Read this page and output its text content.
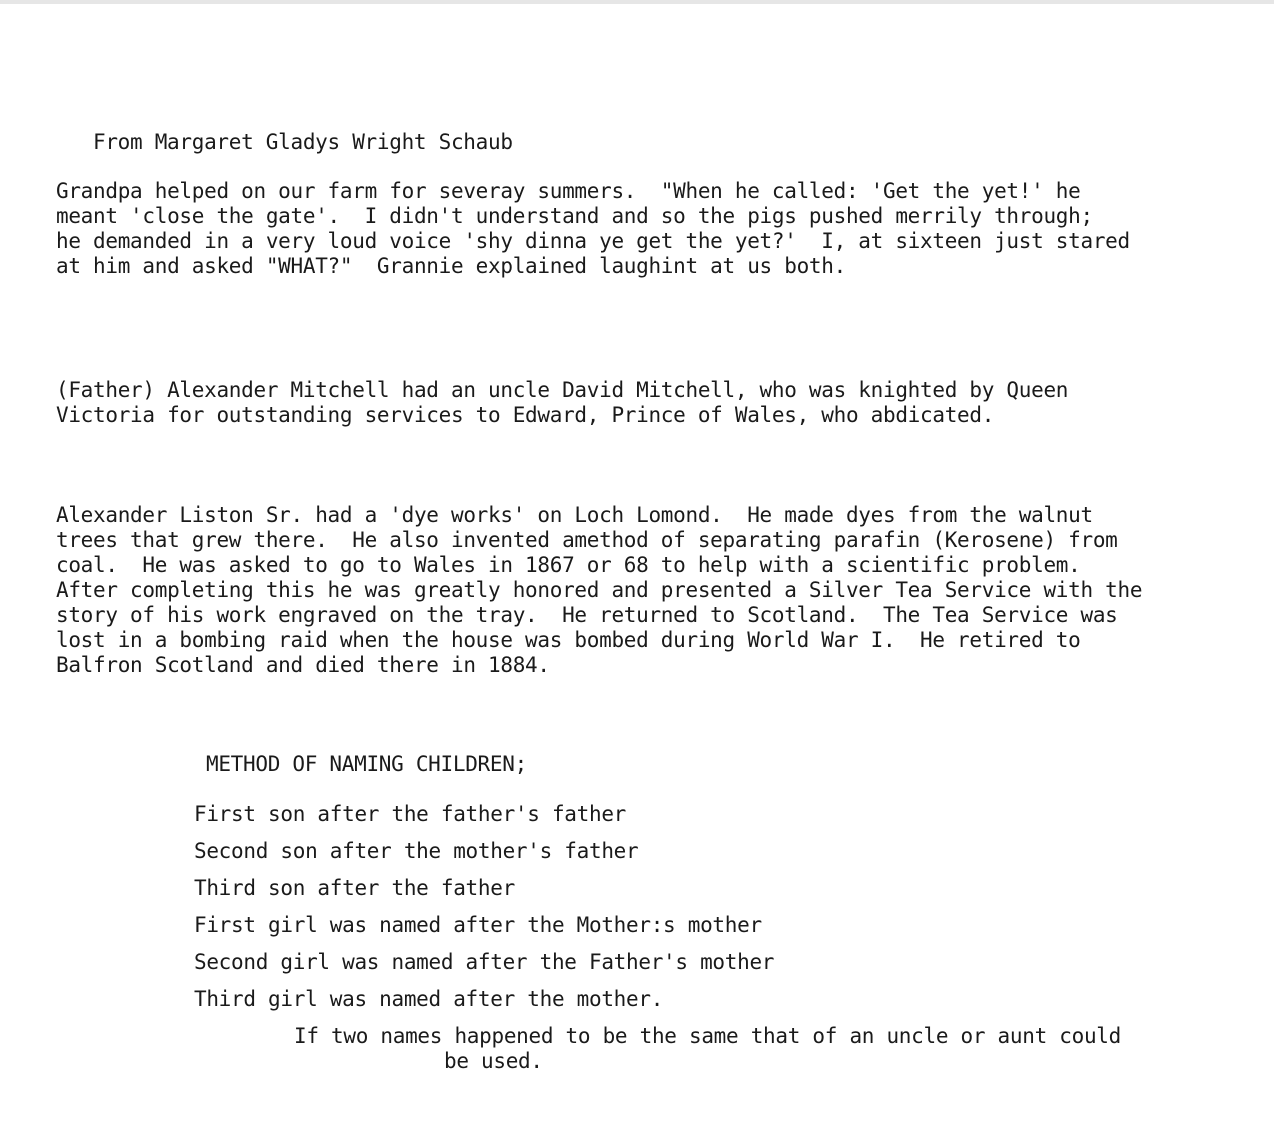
From Margaret Gladys Wright Schaub
Grandpa helped on our farm for severay summers.  "When he called: 'Get the yet!' he
meant 'close the gate'.  I didn't understand and so the pigs pushed merrily through;
he demanded in a very loud voice 'shy dinna ye get the yet?'  I, at sixteen just stared
at him and asked "WHAT?"  Grannie explained laughint at us both.
(Father) Alexander Mitchell had an uncle David Mitchell, who was knighted by Queen
Victoria for outstanding services to Edward, Prince of Wales, who abdicated.
Alexander Liston Sr. had a 'dye works' on Loch Lomond.  He made dyes from the walnut
trees that grew there.  He also invented amethod of separating parafin (Kerosene) from
coal.  He was asked to go to Wales in 1867 or 68 to help with a scientific problem.
After completing this he was greatly honored and presented a Silver Tea Service with the
story of his work engraved on the tray.  He returned to Scotland.  The Tea Service was
lost in a bombing raid when the house was bombed during World War I.  He retired to
Balfron Scotland and died there in 1884.
METHOD OF NAMING CHILDREN;
First son after the father's father
Second son after the mother's father
Third son after the father
First girl was named after the Mother:s mother
Second girl was named after the Father's mother
Third girl was named after the mother.
If two names happened to be the same that of an uncle or aunt could
be used.
